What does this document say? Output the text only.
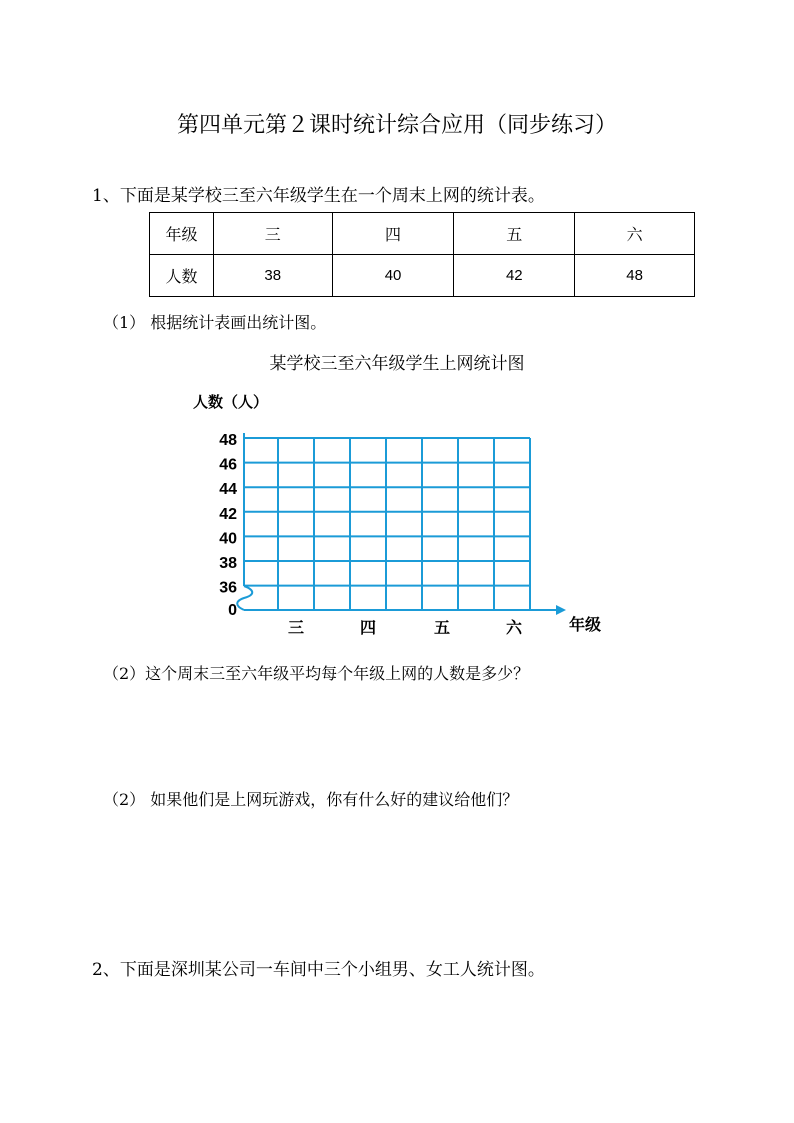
第四单元第２课时统计综合应用（同步练习）
1、下面是某学校三至六年级学生在一个周末上网的统计表。
年级	三	四	五	六
人数	38	40	42	48
（1） 根据统计表画出统计图。
某学校三至六年级学生上网统计图
人数（人）
48
46
44
42
40
38
36
0
三	四	五	六	年级
（2）这个周末三至六年级平均每个年级上网的人数是多少？
（2） 如果他们是上网玩游戏，你有什么好的建议给他们？
2、下面是深圳某公司一车间中三个小组男、女工人统计图。
